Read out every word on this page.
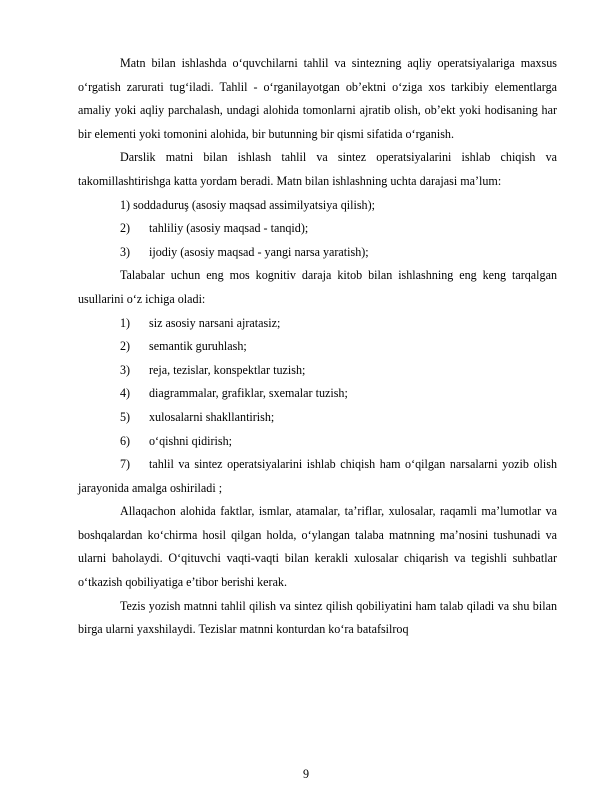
Matn bilan ishlashda o‘quvchilarni tahlil va sintezning aqliy operatsiyalariga maxsus o‘rgatish zarurati tug‘iladi. Tahlil - o‘rganilayotgan ob’ektni o‘ziga xos tarkibiy elementlarga amaliy yoki aqliy parchalash, undagi alohida tomonlarni ajratib olish, ob’ekt yoki hodisaning har bir elementi yoki tomonini alohida, bir butunning bir qismi sifatida o‘rganish.

Darslik matni bilan ishlash tahlil va sintez operatsiyalarini ishlab chiqish va takomillashtirishga katta yordam beradi. Matn bilan ishlashning uchta darajasi ma’lum:

1) soddaduruş (asosiy maqsad assimilyatsiya qilish);

2) tahliliy (asosiy maqsad - tanqid);

3) ijodiy (asosiy maqsad - yangi narsa yaratish);

Talabalar uchun eng mos kognitiv daraja kitob bilan ishlashning eng keng tarqalgan usullarini o‘z ichiga oladi:

1) siz asosiy narsani ajratasiz;

2) semantik guruhlash;

3) reja, tezislar, konspektlar tuzish;

4) diagrammalar, grafiklar, sxemalar tuzish;

5) xulosalarni shakllantirish;

6) o‘qishni qidirish;

7) tahlil va sintez operatsiyalarini ishlab chiqish ham o‘qilgan narsalarni yozib olish jarayonida amalga oshiriladi ;

Allaqachon alohida faktlar, ismlar, atamalar, ta’riflar, xulosalar, raqamli ma’lumotlar va boshqalardan ko‘chirma hosil qilgan holda, o‘ylangan talaba matnning ma’nosini tushunadi va ularni baholaydi. O‘qituvchi vaqti-vaqti bilan kerakli xulosalar chiqarish va tegishli suhbatlar o‘tkazish qobiliyatiga e’tibor berishi kerak.

Tezis yozish matnni tahlil qilish va sintez qilish qobiliyatini ham talab qiladi va shu bilan birga ularni yaxshilaydi. Tezislar matnni konturdan ko‘ra batafsilroq

9
